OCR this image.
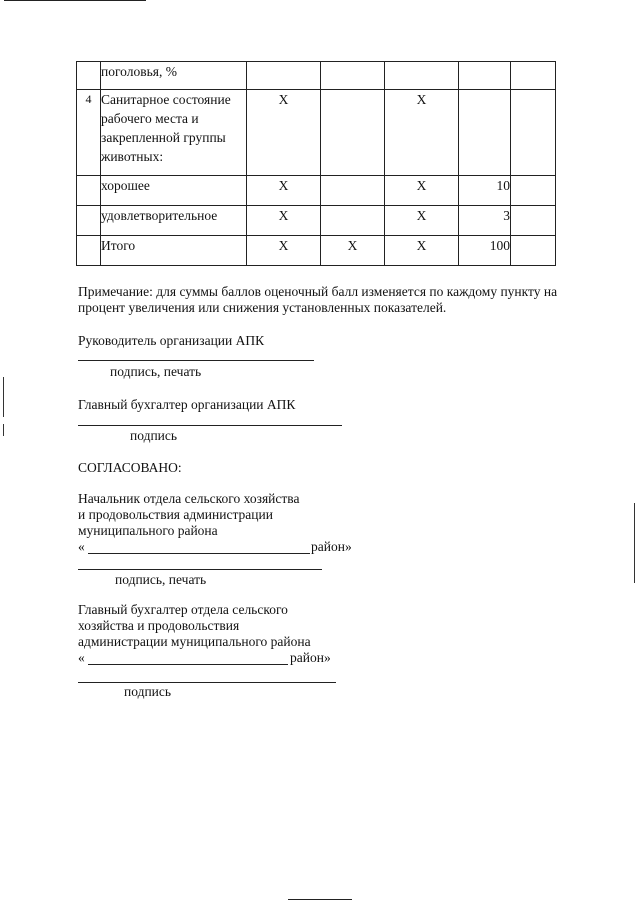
	поголовья, %					

4	Санитарное состояние
рабочего места и
закрепленной группы
животных:	Х		Х		

	хорошее	Х		Х	10	

	удовлетворительное	Х		Х	3	

	Итого	Х	Х	Х	100	
Примечание: для суммы баллов оценочный балл изменяется по каждому пункту на
процент увеличения или снижения установленных показателей.
Руководитель организации АПК
подпись, печать
Главный бухгалтер организации АПК
подпись
СОГЛАСОВАНО:
Начальник отдела сельского хозяйства
и продовольствия администрации
муниципального района
«	район»
подпись, печать
Главный бухгалтер отдела сельского
хозяйства и продовольствия
администрации муниципального района
«	район»
подпись
